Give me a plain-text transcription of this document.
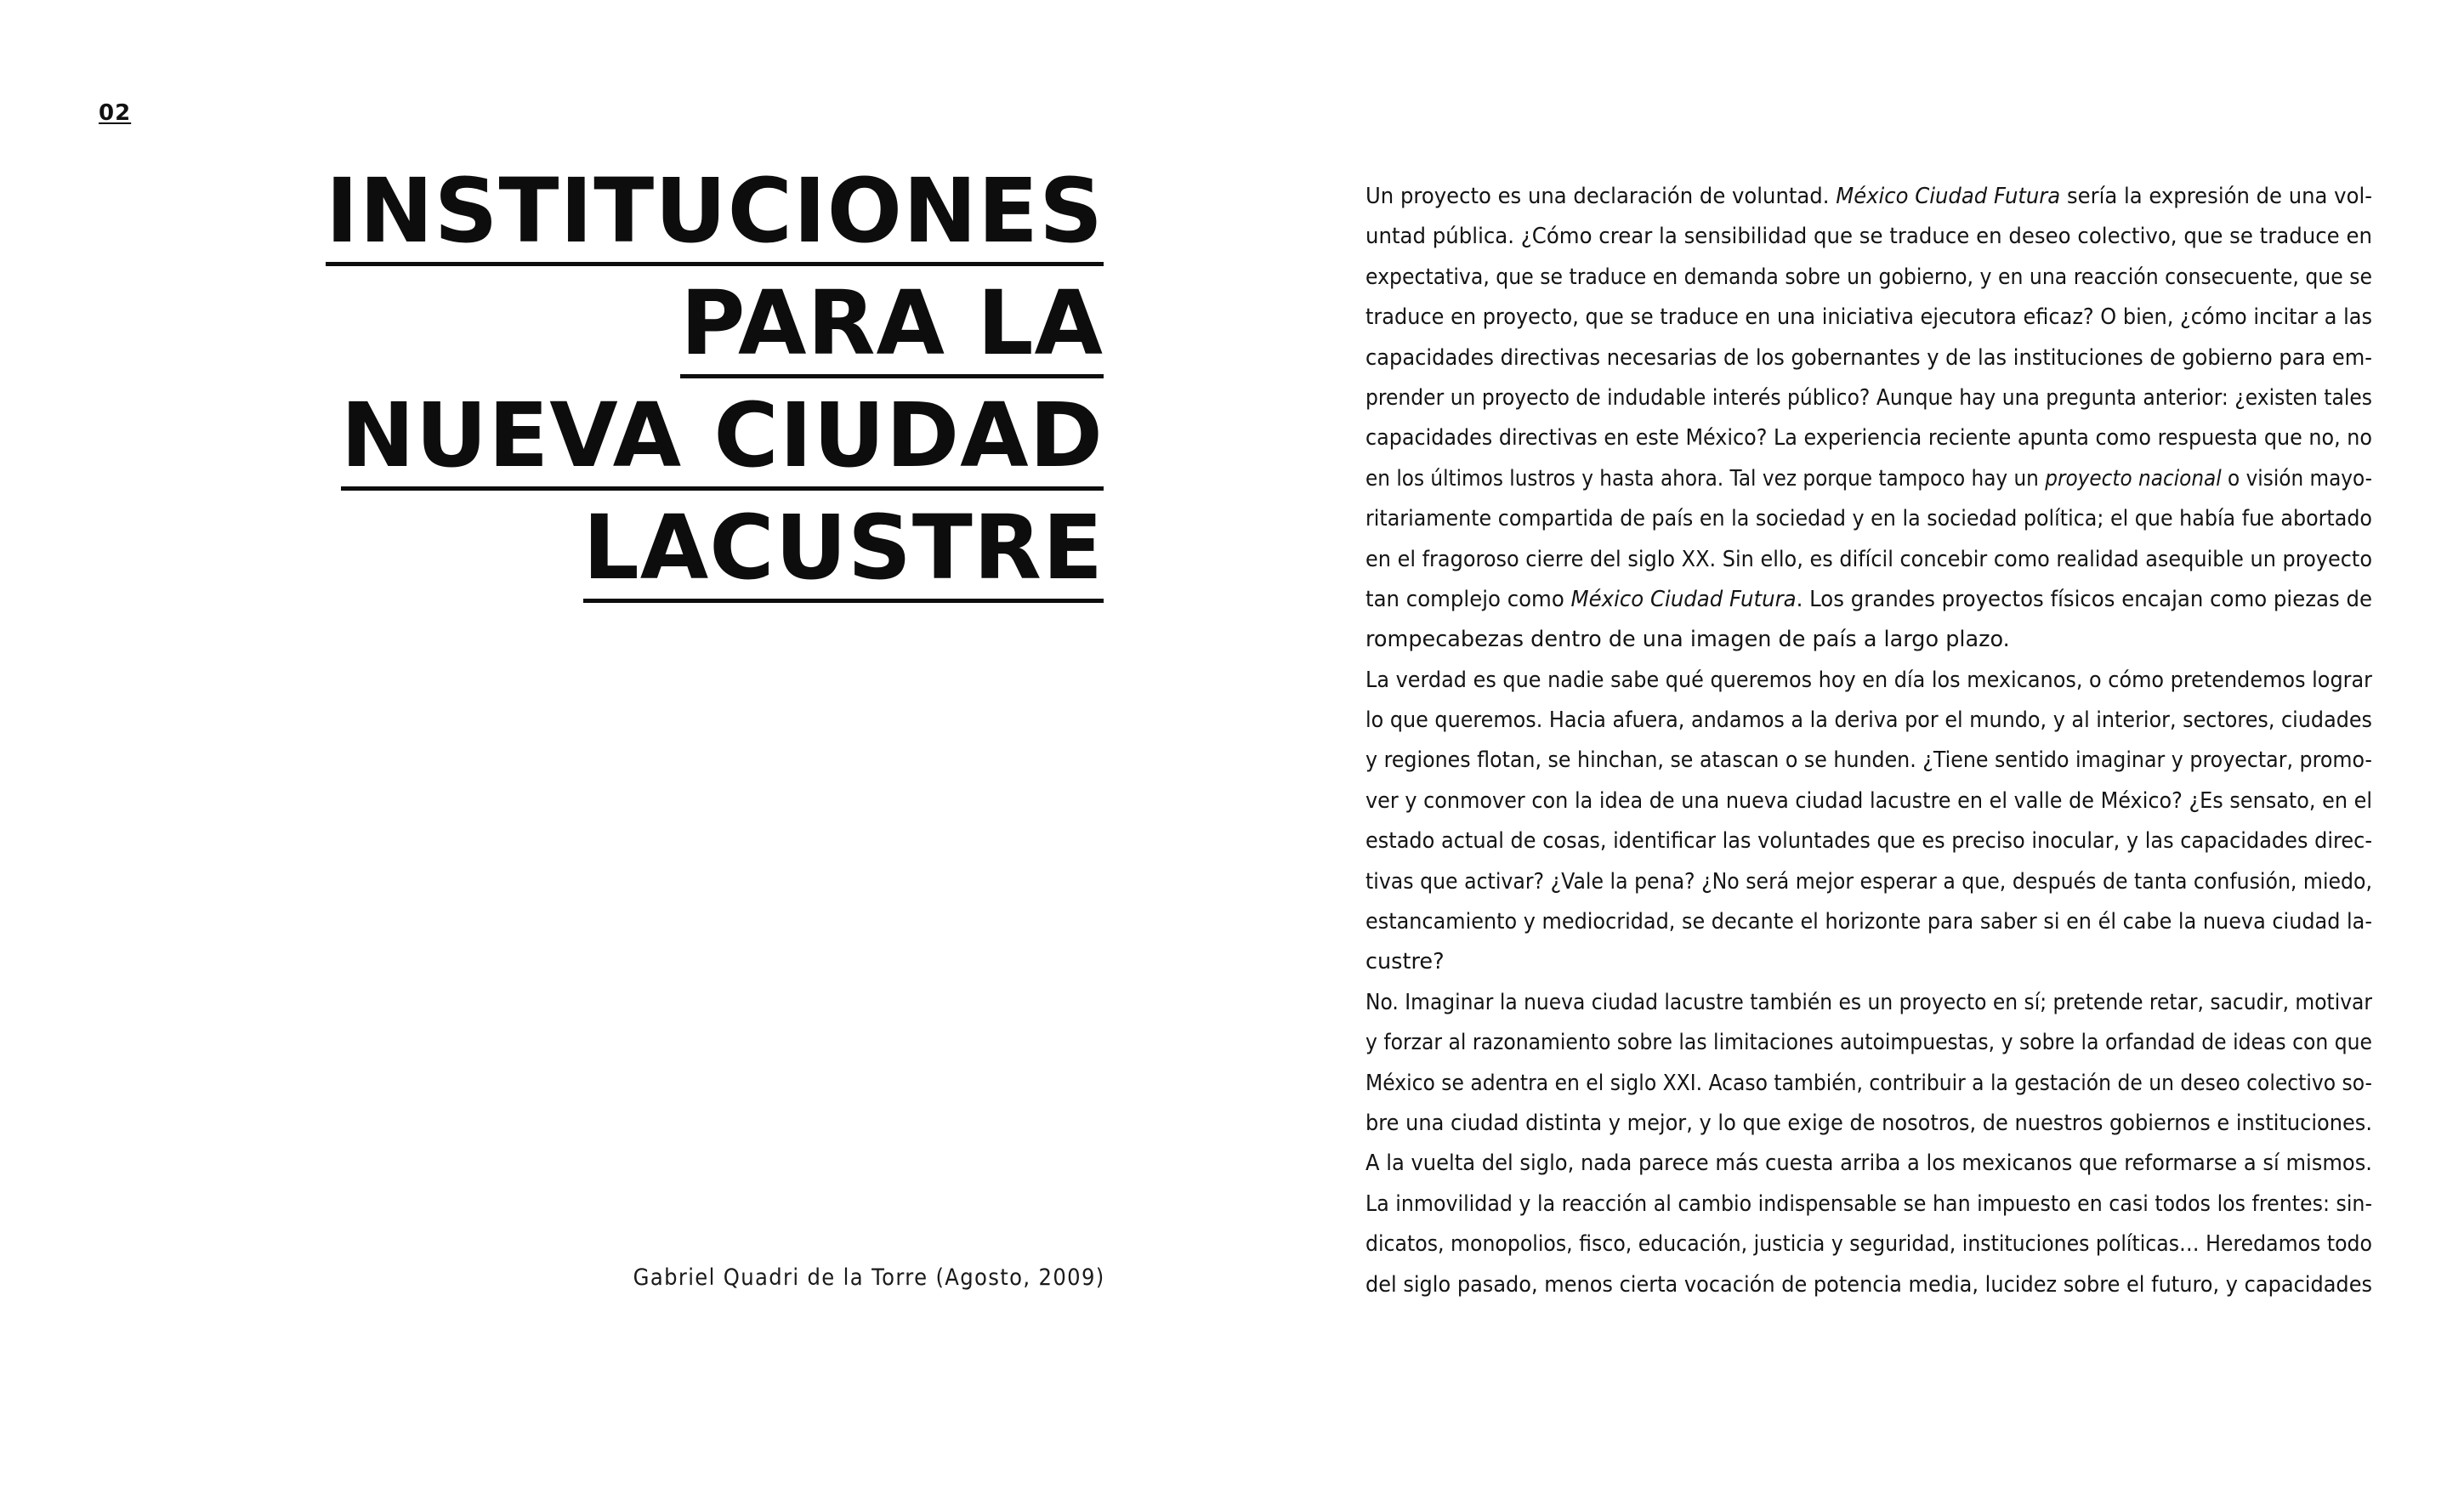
02
INSTITUCIONES
PARA LA
NUEVA CIUDAD
LACUSTRE
Gabriel Quadri de la Torre (Agosto, 2009)
Un proyecto es una declaración de voluntad. México Ciudad Futura sería la expresión de una vol-
untad pública. ¿Cómo crear la sensibilidad que se traduce en deseo colectivo, que se traduce en
expectativa, que se traduce en demanda sobre un gobierno, y en una reacción consecuente, que se
traduce en proyecto, que se traduce en una iniciativa ejecutora eficaz? O bien, ¿cómo incitar a las
capacidades directivas necesarias de los gobernantes y de las instituciones de gobierno para em-
prender un proyecto de indudable interés público? Aunque hay una pregunta anterior: ¿existen tales
capacidades directivas en este México? La experiencia reciente apunta como respuesta que no, no
en los últimos lustros y hasta ahora. Tal vez porque tampoco hay un proyecto nacional o visión mayo-
ritariamente compartida de país en la sociedad y en la sociedad política; el que había fue abortado
en el fragoroso cierre del siglo XX. Sin ello, es difícil concebir como realidad asequible un proyecto
tan complejo como México Ciudad Futura. Los grandes proyectos físicos encajan como piezas de
rompecabezas dentro de una imagen de país a largo plazo.
La verdad es que nadie sabe qué queremos hoy en día los mexicanos, o cómo pretendemos lograr
lo que queremos. Hacia afuera, andamos a la deriva por el mundo, y al interior, sectores, ciudades
y regiones flotan, se hinchan, se atascan o se hunden. ¿Tiene sentido imaginar y proyectar, promo-
ver y conmover con la idea de una nueva ciudad lacustre en el valle de México? ¿Es sensato, en el
estado actual de cosas, identificar las voluntades que es preciso inocular, y las capacidades direc-
tivas que activar? ¿Vale la pena? ¿No será mejor esperar a que, después de tanta confusión, miedo,
estancamiento y mediocridad, se decante el horizonte para saber si en él cabe la nueva ciudad la-
custre?
No. Imaginar la nueva ciudad lacustre también es un proyecto en sí; pretende retar, sacudir, motivar
y forzar al razonamiento sobre las limitaciones autoimpuestas, y sobre la orfandad de ideas con que
México se adentra en el siglo XXI. Acaso también, contribuir a la gestación de un deseo colectivo so-
bre una ciudad distinta y mejor, y lo que exige de nosotros, de nuestros gobiernos e instituciones.
A la vuelta del siglo, nada parece más cuesta arriba a los mexicanos que reformarse a sí mismos.
La inmovilidad y la reacción al cambio indispensable se han impuesto en casi todos los frentes: sin-
dicatos, monopolios, fisco, educación, justicia y seguridad, instituciones políticas… Heredamos todo
del siglo pasado, menos cierta vocación de potencia media, lucidez sobre el futuro, y capacidades
